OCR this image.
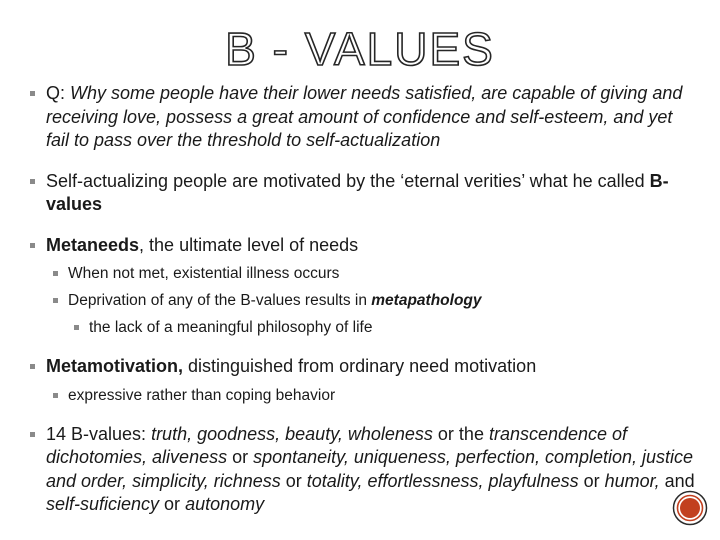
B - VALUES
Q: Why some people have their lower needs satisfied, are capable of giving and receiving love, possess a great amount of confidence and self-esteem, and yet fail to pass over the threshold to self-actualization
Self-actualizing people are motivated by the ‘eternal verities’ what he called B-values
Metaneeds, the ultimate level of needs
When not met, existential illness occurs
Deprivation of any of the B-values results in metapathology
the lack of a meaningful philosophy of life
Metamotivation, distinguished from ordinary need motivation
expressive rather than coping behavior
14 B-values: truth, goodness, beauty, wholeness or the transcendence of dichotomies, aliveness or spontaneity, uniqueness, perfection, completion, justice and order, simplicity, richness or totality, effortlessness, playfulness or humor, and self-suficiency or autonomy
